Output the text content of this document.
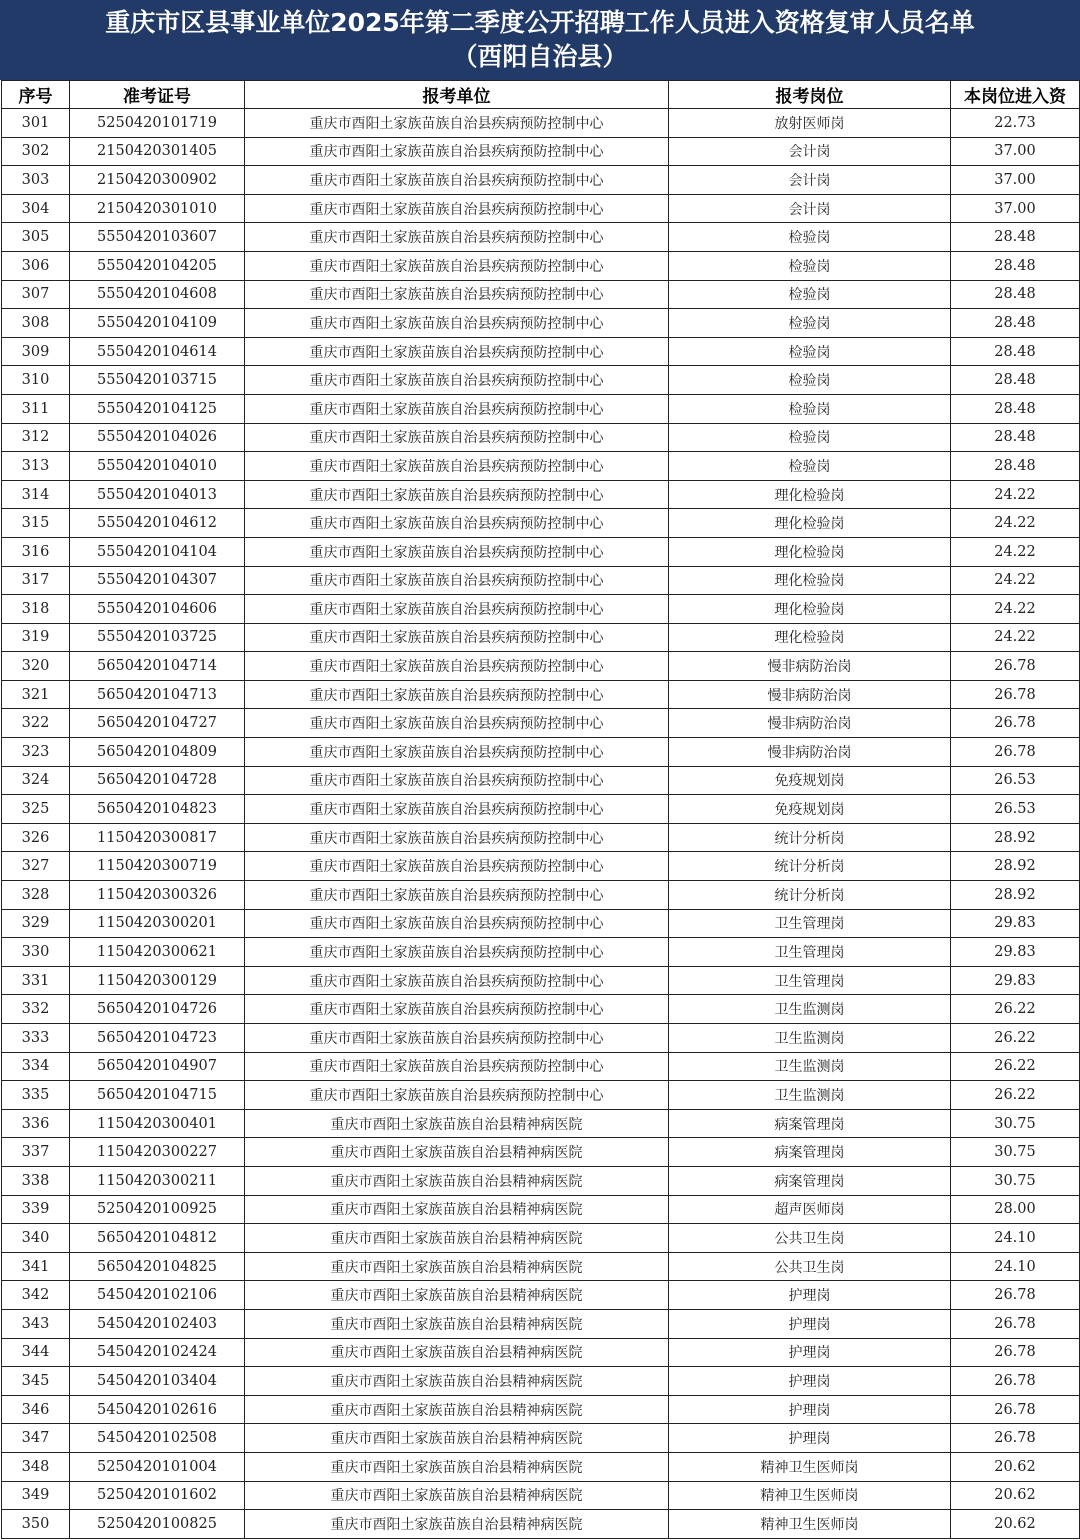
重庆市区县事业单位2025年第二季度公开招聘工作人员进入资格复审人员名单
（酉阳自治县）
序号	准考证号	报考单位	报考岗位	本岗位进入资
301	5250420101719	重庆市酉阳土家族苗族自治县疾病预防控制中心	放射医师岗	22.73
302	2150420301405	重庆市酉阳土家族苗族自治县疾病预防控制中心	会计岗	37.00
303	2150420300902	重庆市酉阳土家族苗族自治县疾病预防控制中心	会计岗	37.00
304	2150420301010	重庆市酉阳土家族苗族自治县疾病预防控制中心	会计岗	37.00
305	5550420103607	重庆市酉阳土家族苗族自治县疾病预防控制中心	检验岗	28.48
306	5550420104205	重庆市酉阳土家族苗族自治县疾病预防控制中心	检验岗	28.48
307	5550420104608	重庆市酉阳土家族苗族自治县疾病预防控制中心	检验岗	28.48
308	5550420104109	重庆市酉阳土家族苗族自治县疾病预防控制中心	检验岗	28.48
309	5550420104614	重庆市酉阳土家族苗族自治县疾病预防控制中心	检验岗	28.48
310	5550420103715	重庆市酉阳土家族苗族自治县疾病预防控制中心	检验岗	28.48
311	5550420104125	重庆市酉阳土家族苗族自治县疾病预防控制中心	检验岗	28.48
312	5550420104026	重庆市酉阳土家族苗族自治县疾病预防控制中心	检验岗	28.48
313	5550420104010	重庆市酉阳土家族苗族自治县疾病预防控制中心	检验岗	28.48
314	5550420104013	重庆市酉阳土家族苗族自治县疾病预防控制中心	理化检验岗	24.22
315	5550420104612	重庆市酉阳土家族苗族自治县疾病预防控制中心	理化检验岗	24.22
316	5550420104104	重庆市酉阳土家族苗族自治县疾病预防控制中心	理化检验岗	24.22
317	5550420104307	重庆市酉阳土家族苗族自治县疾病预防控制中心	理化检验岗	24.22
318	5550420104606	重庆市酉阳土家族苗族自治县疾病预防控制中心	理化检验岗	24.22
319	5550420103725	重庆市酉阳土家族苗族自治县疾病预防控制中心	理化检验岗	24.22
320	5650420104714	重庆市酉阳土家族苗族自治县疾病预防控制中心	慢非病防治岗	26.78
321	5650420104713	重庆市酉阳土家族苗族自治县疾病预防控制中心	慢非病防治岗	26.78
322	5650420104727	重庆市酉阳土家族苗族自治县疾病预防控制中心	慢非病防治岗	26.78
323	5650420104809	重庆市酉阳土家族苗族自治县疾病预防控制中心	慢非病防治岗	26.78
324	5650420104728	重庆市酉阳土家族苗族自治县疾病预防控制中心	免疫规划岗	26.53
325	5650420104823	重庆市酉阳土家族苗族自治县疾病预防控制中心	免疫规划岗	26.53
326	1150420300817	重庆市酉阳土家族苗族自治县疾病预防控制中心	统计分析岗	28.92
327	1150420300719	重庆市酉阳土家族苗族自治县疾病预防控制中心	统计分析岗	28.92
328	1150420300326	重庆市酉阳土家族苗族自治县疾病预防控制中心	统计分析岗	28.92
329	1150420300201	重庆市酉阳土家族苗族自治县疾病预防控制中心	卫生管理岗	29.83
330	1150420300621	重庆市酉阳土家族苗族自治县疾病预防控制中心	卫生管理岗	29.83
331	1150420300129	重庆市酉阳土家族苗族自治县疾病预防控制中心	卫生管理岗	29.83
332	5650420104726	重庆市酉阳土家族苗族自治县疾病预防控制中心	卫生监测岗	26.22
333	5650420104723	重庆市酉阳土家族苗族自治县疾病预防控制中心	卫生监测岗	26.22
334	5650420104907	重庆市酉阳土家族苗族自治县疾病预防控制中心	卫生监测岗	26.22
335	5650420104715	重庆市酉阳土家族苗族自治县疾病预防控制中心	卫生监测岗	26.22
336	1150420300401	重庆市酉阳土家族苗族自治县精神病医院	病案管理岗	30.75
337	1150420300227	重庆市酉阳土家族苗族自治县精神病医院	病案管理岗	30.75
338	1150420300211	重庆市酉阳土家族苗族自治县精神病医院	病案管理岗	30.75
339	5250420100925	重庆市酉阳土家族苗族自治县精神病医院	超声医师岗	28.00
340	5650420104812	重庆市酉阳土家族苗族自治县精神病医院	公共卫生岗	24.10
341	5650420104825	重庆市酉阳土家族苗族自治县精神病医院	公共卫生岗	24.10
342	5450420102106	重庆市酉阳土家族苗族自治县精神病医院	护理岗	26.78
343	5450420102403	重庆市酉阳土家族苗族自治县精神病医院	护理岗	26.78
344	5450420102424	重庆市酉阳土家族苗族自治县精神病医院	护理岗	26.78
345	5450420103404	重庆市酉阳土家族苗族自治县精神病医院	护理岗	26.78
346	5450420102616	重庆市酉阳土家族苗族自治县精神病医院	护理岗	26.78
347	5450420102508	重庆市酉阳土家族苗族自治县精神病医院	护理岗	26.78
348	5250420101004	重庆市酉阳土家族苗族自治县精神病医院	精神卫生医师岗	20.62
349	5250420101602	重庆市酉阳土家族苗族自治县精神病医院	精神卫生医师岗	20.62
350	5250420100825	重庆市酉阳土家族苗族自治县精神病医院	精神卫生医师岗	20.62
